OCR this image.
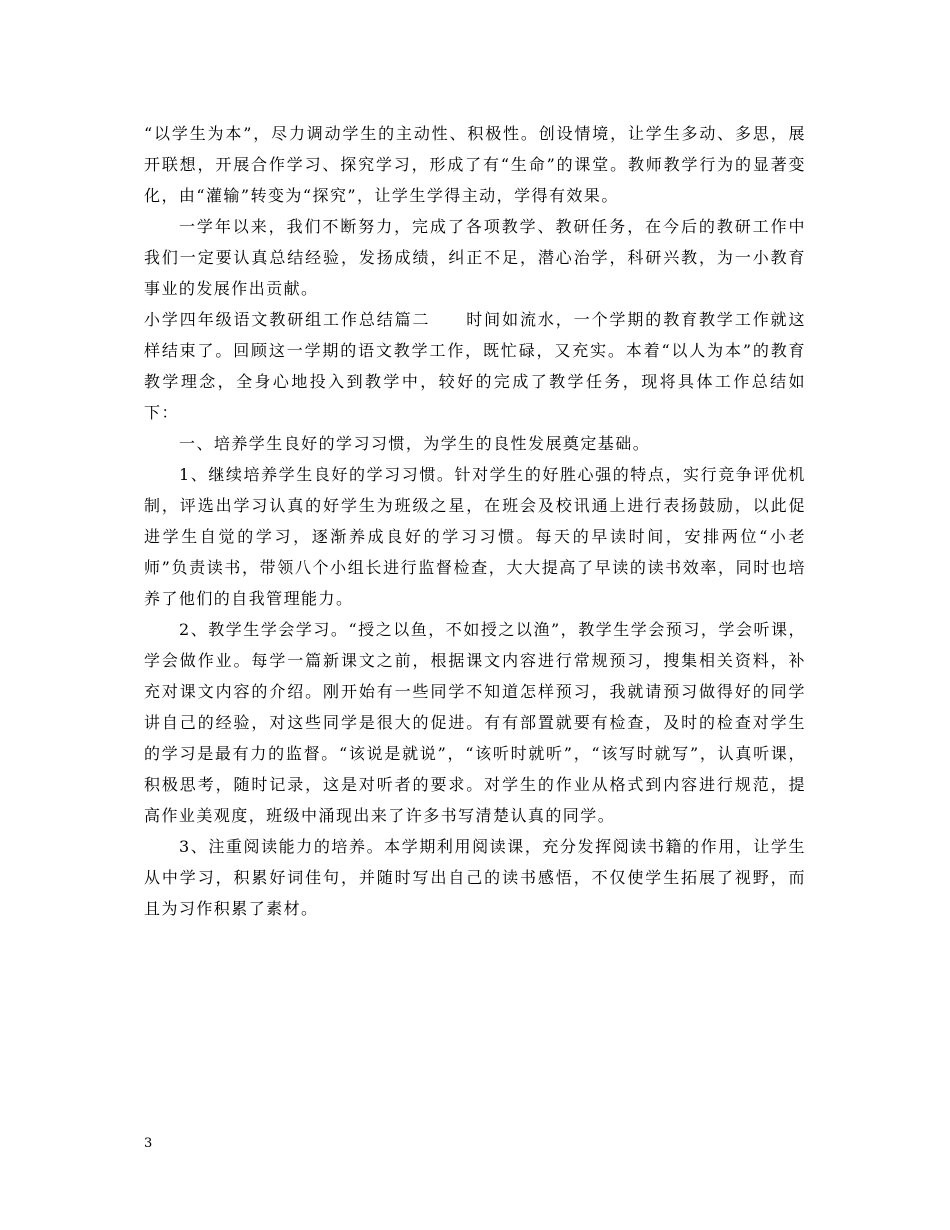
“以学生为本”，尽力调动学生的主动性、积极性。创设情境，让学生多动、多思，展开联想，开展合作学习、探究学习，形成了有“生命”的课堂。教师教学行为的显著变化，由“灌输”转变为“探究”，让学生学得主动，学得有效果。

一学年以来，我们不断努力，完成了各项教学、教研任务，在今后的教研工作中我们一定要认真总结经验，发扬成绩，纠正不足，潜心治学，科研兴教，为一小教育事业的发展作出贡献。

小学四年级语文教研组工作总结篇二　　时间如流水，一个学期的教育教学工作就这样结束了。回顾这一学期的语文教学工作，既忙碌，又充实。本着“以人为本”的教育教学理念，全身心地投入到教学中，较好的完成了教学任务，现将具体工作总结如下：

一、培养学生良好的学习习惯，为学生的良性发展奠定基础。

1、继续培养学生良好的学习习惯。针对学生的好胜心强的特点，实行竞争评优机制，评选出学习认真的好学生为班级之星，在班会及校讯通上进行表扬鼓励，以此促进学生自觉的学习，逐渐养成良好的学习习惯。每天的早读时间，安排两位“小老师”负责读书，带领八个小组长进行监督检查，大大提高了早读的读书效率，同时也培养了他们的自我管理能力。

2、教学生学会学习。“授之以鱼，不如授之以渔”，教学生学会预习，学会听课，学会做作业。每学一篇新课文之前，根据课文内容进行常规预习，搜集相关资料，补充对课文内容的介绍。刚开始有一些同学不知道怎样预习，我就请预习做得好的同学讲自己的经验，对这些同学是很大的促进。有有部置就要有检查，及时的检查对学生的学习是最有力的监督。“该说是就说”，“该听时就听”，“该写时就写”，认真听课，积极思考，随时记录，这是对听者的要求。对学生的作业从格式到内容进行规范，提高作业美观度，班级中涌现出来了许多书写清楚认真的同学。

3、注重阅读能力的培养。本学期利用阅读课，充分发挥阅读书籍的作用，让学生从中学习，积累好词佳句，并随时写出自己的读书感悟，不仅使学生拓展了视野，而且为习作积累了素材。

3
